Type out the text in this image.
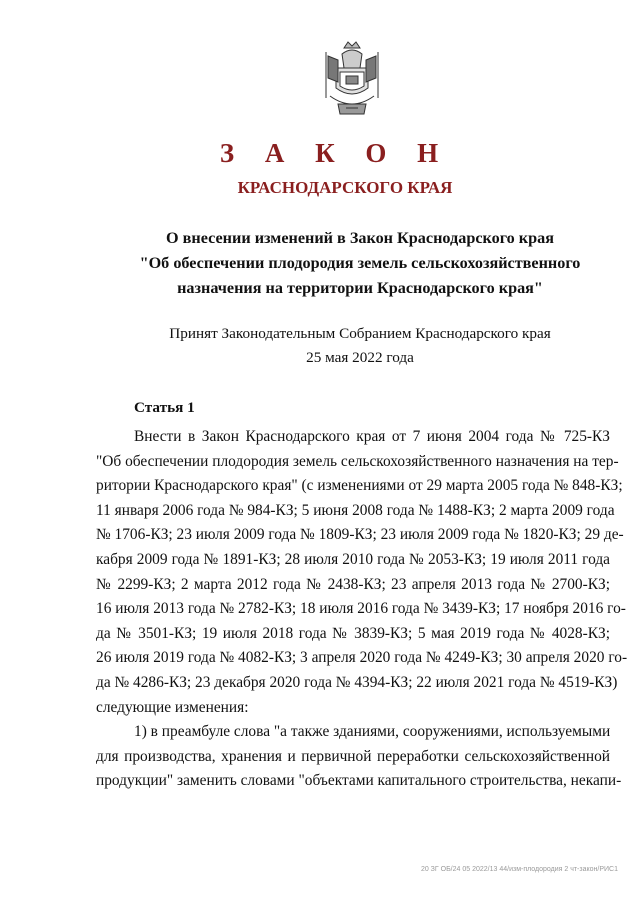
З А К О Н
КРАСНОДАРСКОГО КРАЯ
О внесении изменений в Закон Краснодарского края
"Об обеспечении плодородия земель сельскохозяйственного
назначения на территории Краснодарского края"
Принят Законодательным Собранием Краснодарского края
25 мая 2022 года
Статья 1
Внести в Закон Краснодарского края от 7 июня 2004 года № 725-КЗ
"Об обеспечении плодородия земель сельскохозяйственного назначения на тер-
ритории Краснодарского края" (с изменениями от 29 марта 2005 года № 848-КЗ;
11 января 2006 года № 984-КЗ; 5 июня 2008 года № 1488-КЗ; 2 марта 2009 года
№ 1706-КЗ; 23 июля 2009 года № 1809-КЗ; 23 июля 2009 года № 1820-КЗ; 29 де-
кабря 2009 года № 1891-КЗ; 28 июля 2010 года № 2053-КЗ; 19 июля 2011 года
№ 2299-КЗ; 2 марта 2012 года № 2438-КЗ; 23 апреля 2013 года № 2700-КЗ;
16 июля 2013 года № 2782-КЗ; 18 июля 2016 года № 3439-КЗ; 17 ноября 2016 го-
да № 3501-КЗ; 19 июля 2018 года № 3839-КЗ; 5 мая 2019 года № 4028-КЗ;
26 июля 2019 года № 4082-КЗ; 3 апреля 2020 года № 4249-КЗ; 30 апреля 2020 го-
да № 4286-КЗ; 23 декабря 2020 года № 4394-КЗ; 22 июля 2021 года № 4519-КЗ)
следующие изменения:
1) в преамбуле слова "а также зданиями, сооружениями, используемыми
для производства, хранения и первичной переработки сельскохозяйственной
продукции" заменить словами "объектами капитального строительства, некапи-
20 ЗГ ОБ/24 05 2022/13 44/изм-плодородия 2 чт-закон/РИС1
